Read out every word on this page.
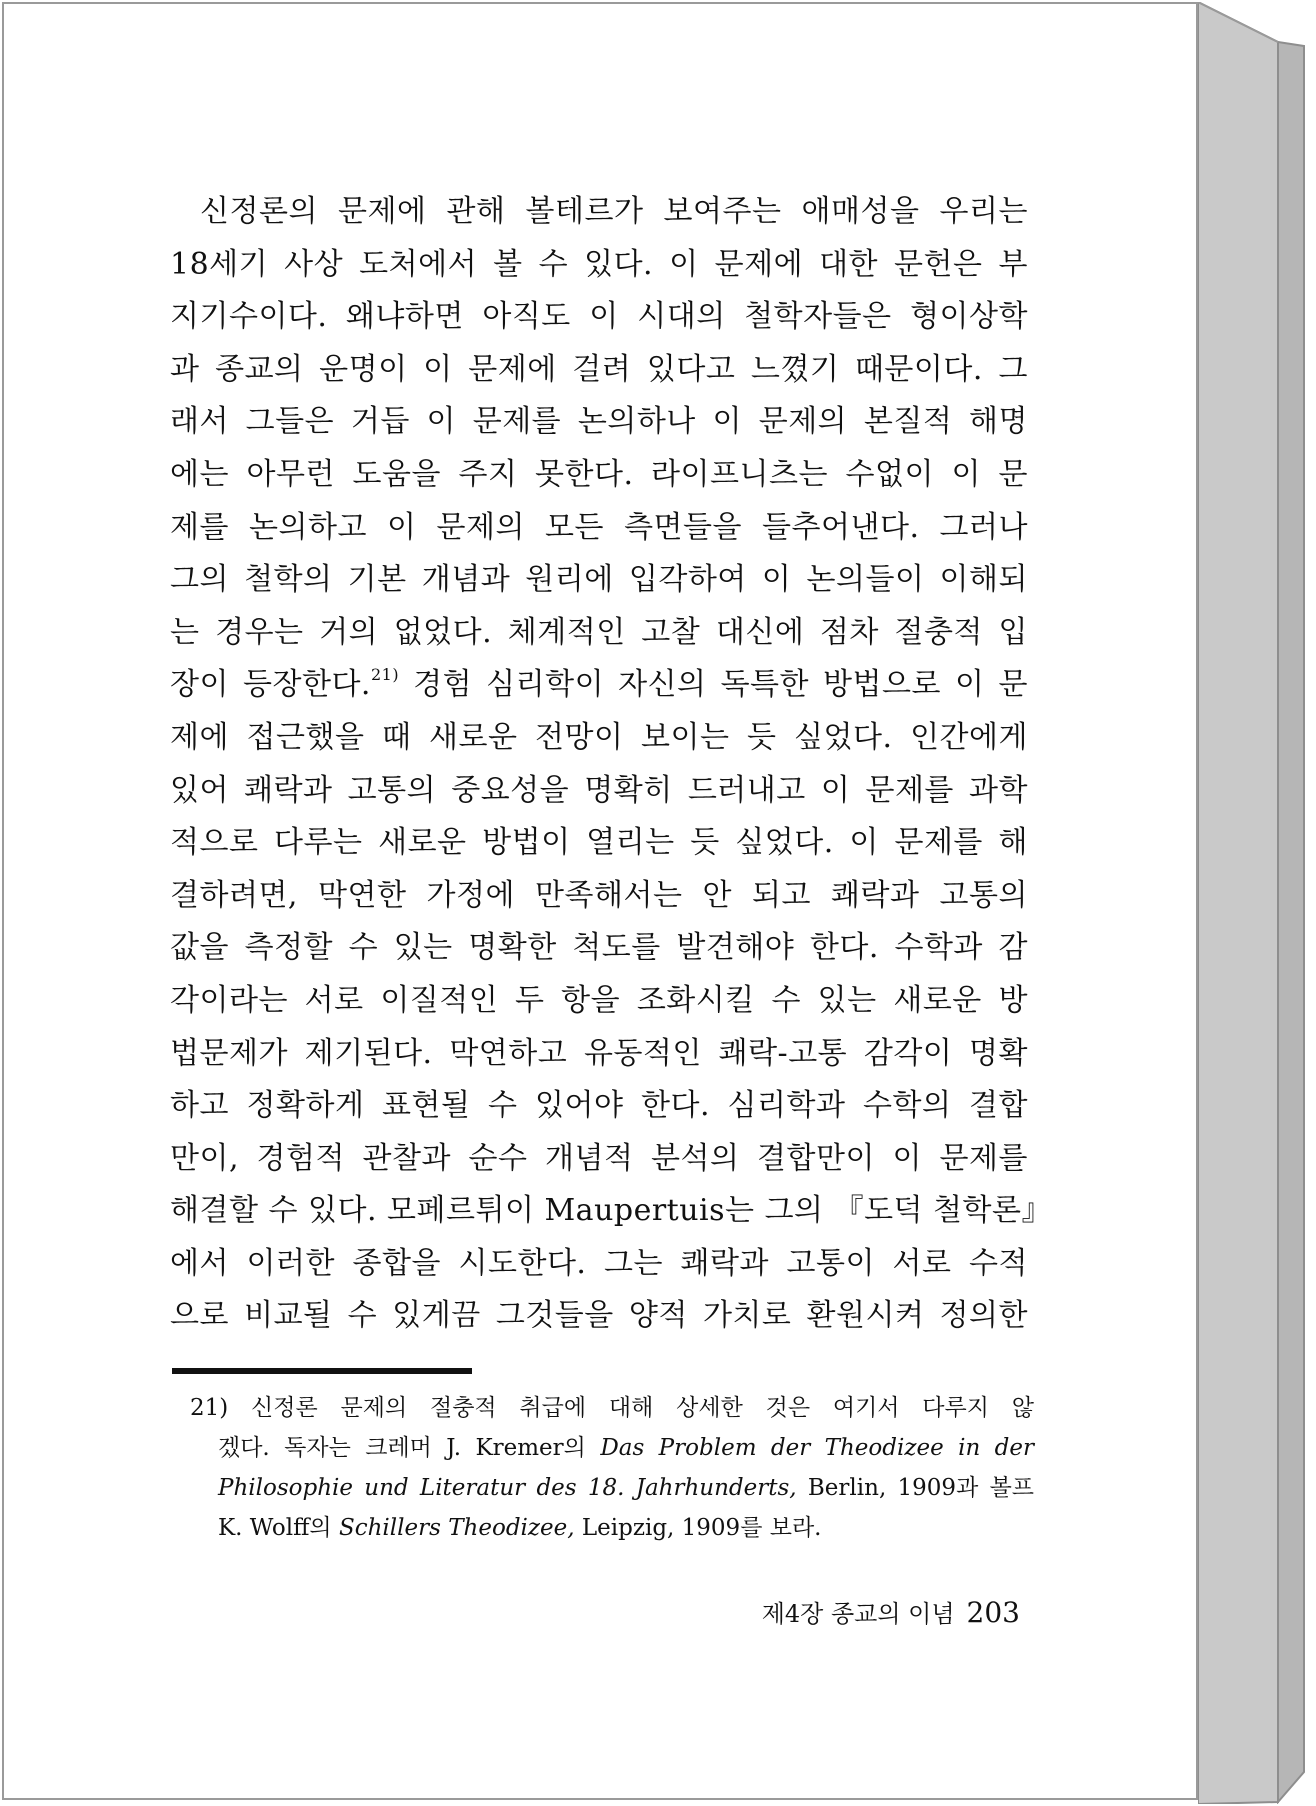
신정론의 문제에 관해 볼테르가 보여주는 애매성을 우리는
18세기 사상 도처에서 볼 수 있다. 이 문제에 대한 문헌은 부
지기수이다. 왜냐하면 아직도 이 시대의 철학자들은 형이상학
과 종교의 운명이 이 문제에 걸려 있다고 느꼈기 때문이다. 그
래서 그들은 거듭 이 문제를 논의하나 이 문제의 본질적 해명
에는 아무런 도움을 주지 못한다. 라이프니츠는 수없이 이 문
제를 논의하고 이 문제의 모든 측면들을 들추어낸다. 그러나
그의 철학의 기본 개념과 원리에 입각하여 이 논의들이 이해되
는 경우는 거의 없었다. 체계적인 고찰 대신에 점차 절충적 입
장이 등장한다.$^{21)}$ 경험 심리학이 자신의 독특한 방법으로 이 문
제에 접근했을 때 새로운 전망이 보이는 듯 싶었다. 인간에게
있어 쾌락과 고통의 중요성을 명확히 드러내고 이 문제를 과학
적으로 다루는 새로운 방법이 열리는 듯 싶었다. 이 문제를 해
결하려면, 막연한 가정에 만족해서는 안 되고 쾌락과 고통의
값을 측정할 수 있는 명확한 척도를 발견해야 한다. 수학과 감
각이라는 서로 이질적인 두 항을 조화시킬 수 있는 새로운 방
법문제가 제기된다. 막연하고 유동적인 쾌락-고통 감각이 명확
하고 정확하게 표현될 수 있어야 한다. 심리학과 수학의 결합
만이, 경험적 관찰과 순수 개념적 분석의 결합만이 이 문제를
해결할 수 있다. 모페르튀이 Maupertuis는 그의 『도덕 철학론』
에서 이러한 종합을 시도한다. 그는 쾌락과 고통이 서로 수적
으로 비교될 수 있게끔 그것들을 양적 가치로 환원시켜 정의한
21) 신정론 문제의 절충적 취급에 대해 상세한 것은 여기서 다루지 않
겠다. 독자는 크레머 J. Kremer의 Das Problem der Theodizee in der
Philosophie und Literatur des 18. Jahrhunderts, Berlin, 1909과 볼프
K. Wolff의 Schillers Theodizee, Leipzig, 1909를 보라.
제4장 종교의 이념 203
